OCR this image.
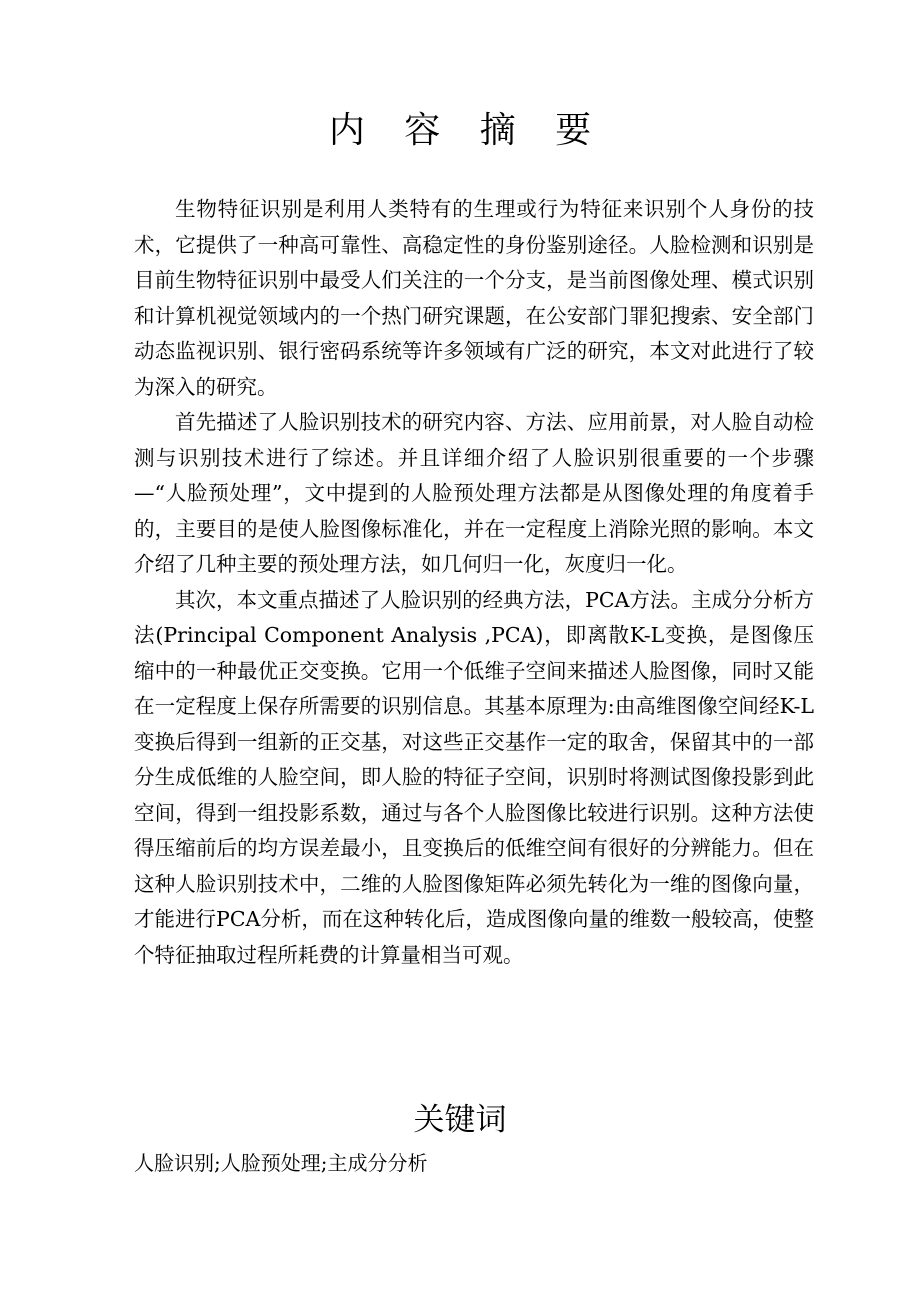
内 容 摘 要

生物特征识别是利用人类特有的生理或行为特征来识别个人身份的技术，它提供了一种高可靠性、高稳定性的身份鉴别途径。人脸检测和识别是目前生物特征识别中最受人们关注的一个分支，是当前图像处理、模式识别和计算机视觉领域内的一个热门研究课题，在公安部门罪犯搜索、安全部门动态监视识别、银行密码系统等许多领域有广泛的研究，本文对此进行了较为深入的研究。

首先描述了人脸识别技术的研究内容、方法、应用前景，对人脸自动检测与识别技术进行了综述。并且详细介绍了人脸识别很重要的一个步骤—“人脸预处理”，文中提到的人脸预处理方法都是从图像处理的角度着手的，主要目的是使人脸图像标准化，并在一定程度上消除光照的影响。本文介绍了几种主要的预处理方法，如几何归一化，灰度归一化。

其次，本文重点描述了人脸识别的经典方法，PCA方法。主成分分析方法(Principal Component Analysis ,PCA)，即离散K-L变换，是图像压缩中的一种最优正交变换。它用一个低维子空间来描述人脸图像，同时又能在一定程度上保存所需要的识别信息。其基本原理为:由高维图像空间经K-L变换后得到一组新的正交基，对这些正交基作一定的取舍，保留其中的一部分生成低维的人脸空间，即人脸的特征子空间，识别时将测试图像投影到此空间，得到一组投影系数，通过与各个人脸图像比较进行识别。这种方法使得压缩前后的均方误差最小，且变换后的低维空间有很好的分辨能力。但在这种人脸识别技术中，二维的人脸图像矩阵必须先转化为一维的图像向量，才能进行PCA分析，而在这种转化后，造成图像向量的维数一般较高，使整个特征抽取过程所耗费的计算量相当可观。

关键词
人脸识别;人脸预处理;主成分分析
